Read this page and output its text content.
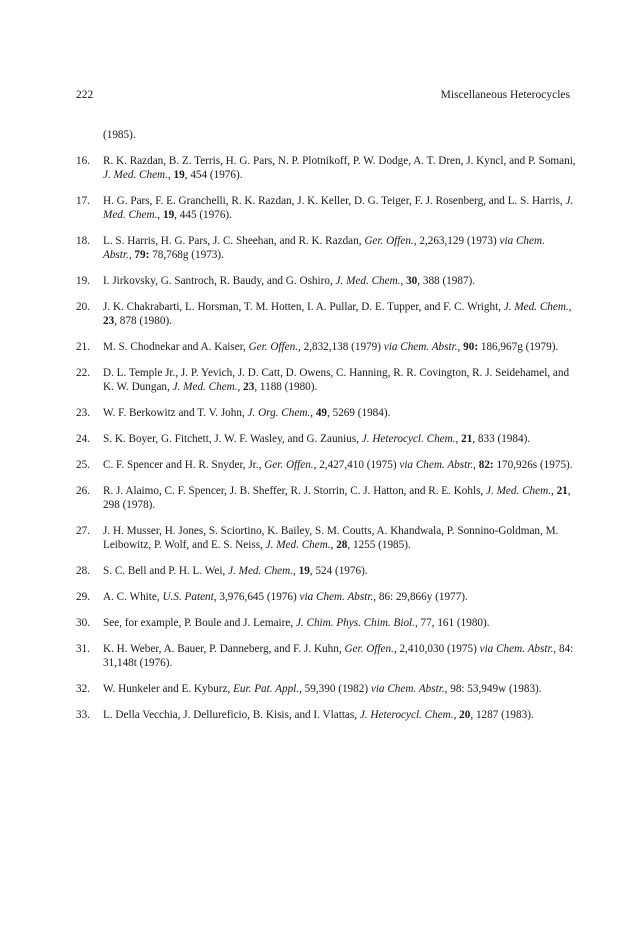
222	Miscellaneous Heterocycles
(1985).
16.	R. K. Razdan, B. Z. Terris, H. G. Pars, N. P. Plotnikoff, P. W. Dodge, A. T. Dren, J. Kyncl, and P. Somani, J. Med. Chem., 19, 454 (1976).
17.	H. G. Pars, F. E. Granchelli, R. K. Razdan, J. K. Keller, D. G. Teiger, F. J. Rosenberg, and L. S. Harris, J. Med. Chem., 19, 445 (1976).
18.	L. S. Harris, H. G. Pars, J. C. Sheehan, and R. K. Razdan, Ger. Offen., 2,263,129 (1973) via Chem. Abstr., 79: 78,768g (1973).
19.	I. Jirkovsky, G. Santroch, R. Baudy, and G. Oshiro, J. Med. Chem., 30, 388 (1987).
20.	J. K. Chakrabarti, L. Horsman, T. M. Hotten, I. A. Pullar, D. E. Tupper, and F. C. Wright, J. Med. Chem., 23, 878 (1980).
21.	M. S. Chodnekar and A. Kaiser, Ger. Offen., 2,832,138 (1979) via Chem. Abstr., 90: 186,967g (1979).
22.	D. L. Temple Jr., J. P. Yevich, J. D. Catt, D. Owens, C. Hanning, R. R. Covington, R. J. Seidehamel, and K. W. Dungan, J. Med. Chem., 23, 1188 (1980).
23.	W. F. Berkowitz and T. V. John, J. Org. Chem., 49, 5269 (1984).
24.	S. K. Boyer, G. Fitchett, J. W. F. Wasley, and G. Zaunius, J. Heterocycl. Chem., 21, 833 (1984).
25.	C. F. Spencer and H. R. Snyder, Jr., Ger. Offen., 2,427,410 (1975) via Chem. Abstr., 82: 170,926s (1975).
26.	R. J. Alaimo, C. F. Spencer, J. B. Sheffer, R. J. Storrin, C. J. Hatton, and R. E. Kohls, J. Med. Chem., 21, 298 (1978).
27.	J. H. Musser, H. Jones, S. Sciortino, K. Bailey, S. M. Coutts, A. Khandwala, P. Sonnino-Goldman, M. Leibowitz, P. Wolf, and E. S. Neiss, J. Med. Chem., 28, 1255 (1985).
28.	S. C. Bell and P. H. L. Wei, J. Med. Chem., 19, 524 (1976).
29.	A. C. White, U.S. Patent, 3,976,645 (1976) via Chem. Abstr., 86: 29,866y (1977).
30.	See, for example, P. Boule and J. Lemaire, J. Chim. Phys. Chim. Biol., 77, 161 (1980).
31.	K. H. Weber, A. Bauer, P. Danneberg, and F. J. Kuhn, Ger. Offen., 2,410,030 (1975) via Chem. Abstr., 84: 31,148t (1976).
32.	W. Hunkeler and E. Kyburz, Eur. Pat. Appl., 59,390 (1982) via Chem. Abstr., 98: 53,949w (1983).
33.	L. Della Vecchia, J. Dellureficio, B. Kisis, and I. Vlattas, J. Heterocycl. Chem., 20, 1287 (1983).
